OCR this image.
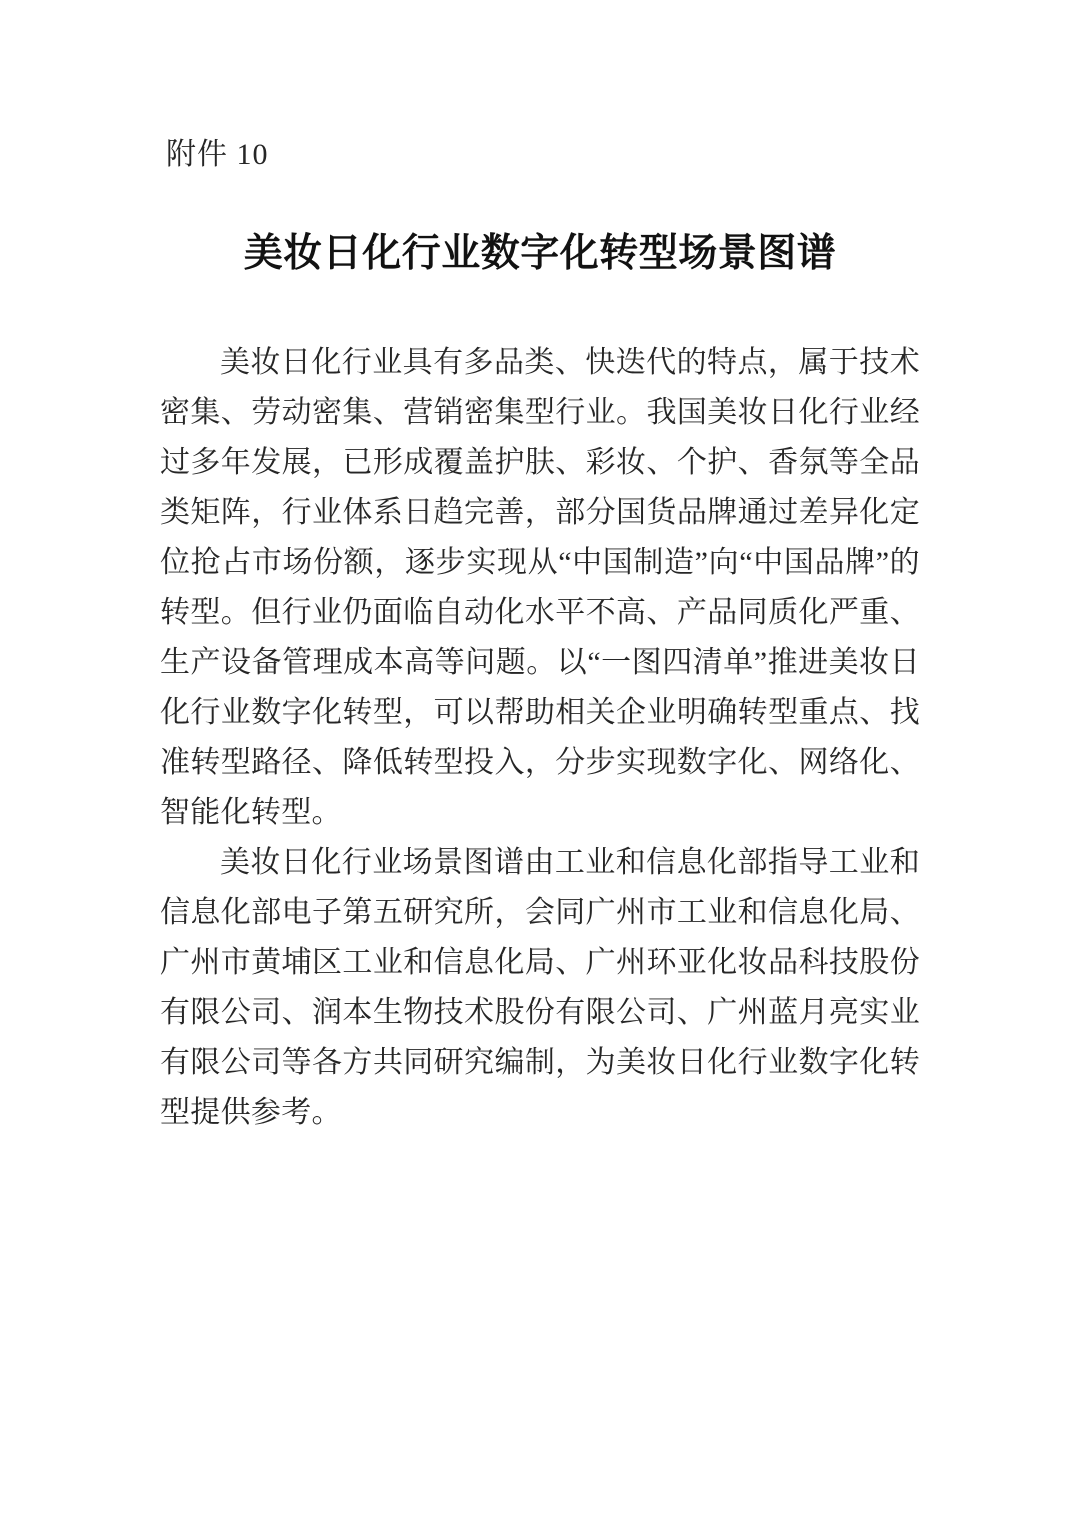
附件 10
美妆日化行业数字化转型场景图谱

美妆日化行业具有多品类、快迭代的特点，属于技术密集、劳动密集、营销密集型行业。我国美妆日化行业经过多年发展，已形成覆盖护肤、彩妆、个护、香氛等全品类矩阵，行业体系日趋完善，部分国货品牌通过差异化定位抢占市场份额，逐步实现从“中国制造”向“中国品牌”的转型。但行业仍面临自动化水平不高、产品同质化严重、生产设备管理成本高等问题。以“一图四清单”推进美妆日化行业数字化转型，可以帮助相关企业明确转型重点、找准转型路径、降低转型投入，分步实现数字化、网络化、智能化转型。

美妆日化行业场景图谱由工业和信息化部指导工业和信息化部电子第五研究所，会同广州市工业和信息化局、广州市黄埔区工业和信息化局、广州环亚化妆品科技股份有限公司、润本生物技术股份有限公司、广州蓝月亮实业有限公司等各方共同研究编制，为美妆日化行业数字化转型提供参考。
